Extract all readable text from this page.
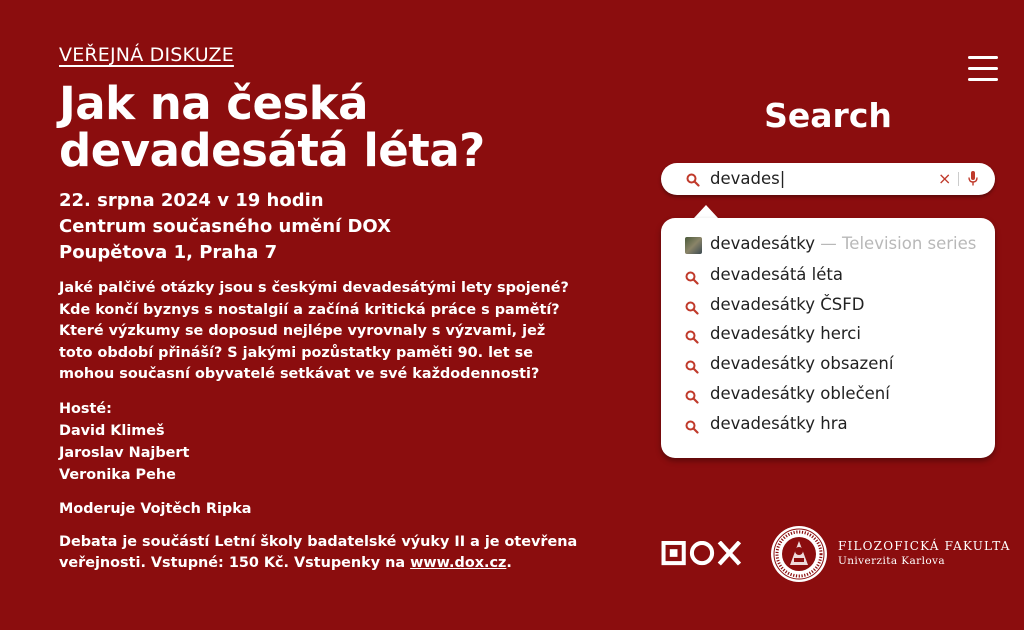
VEŘEJNÁ DISKUZE
Jak na česká
devadesátá léta?
22. srpna 2024 v 19 hodin
Centrum současného umění DOX
Poupětova 1, Praha 7
Jaké palčivé otázky jsou s českými devadesátými lety spojené? Kde končí byznys s nostalgií a začíná kritická práce s pamětí? Které výzkumy se doposud nejlépe vyrovnaly s výzvami, jež toto období přináší? S jakými pozůstatky paměti 90. let se mohou současní obyvatelé setkávat ve své každodennosti?
Hosté:
David Klimeš
Jaroslav Najbert
Veronika Pehe
Moderuje Vojtěch Ripka
Debata je součástí Letní školy badatelské výuky II a je otevřena veřejnosti. Vstupné: 150 Kč. Vstupenky na www.dox.cz.
Search
devades|	×
devadesátky — Television series
devadesátá léta
devadesátky ČSFD
devadesátky herci
devadesátky obsazení
devadesátky oblečení
devadesátky hra
FILOZOFICKÁ FAKULTA
Univerzita Karlova
